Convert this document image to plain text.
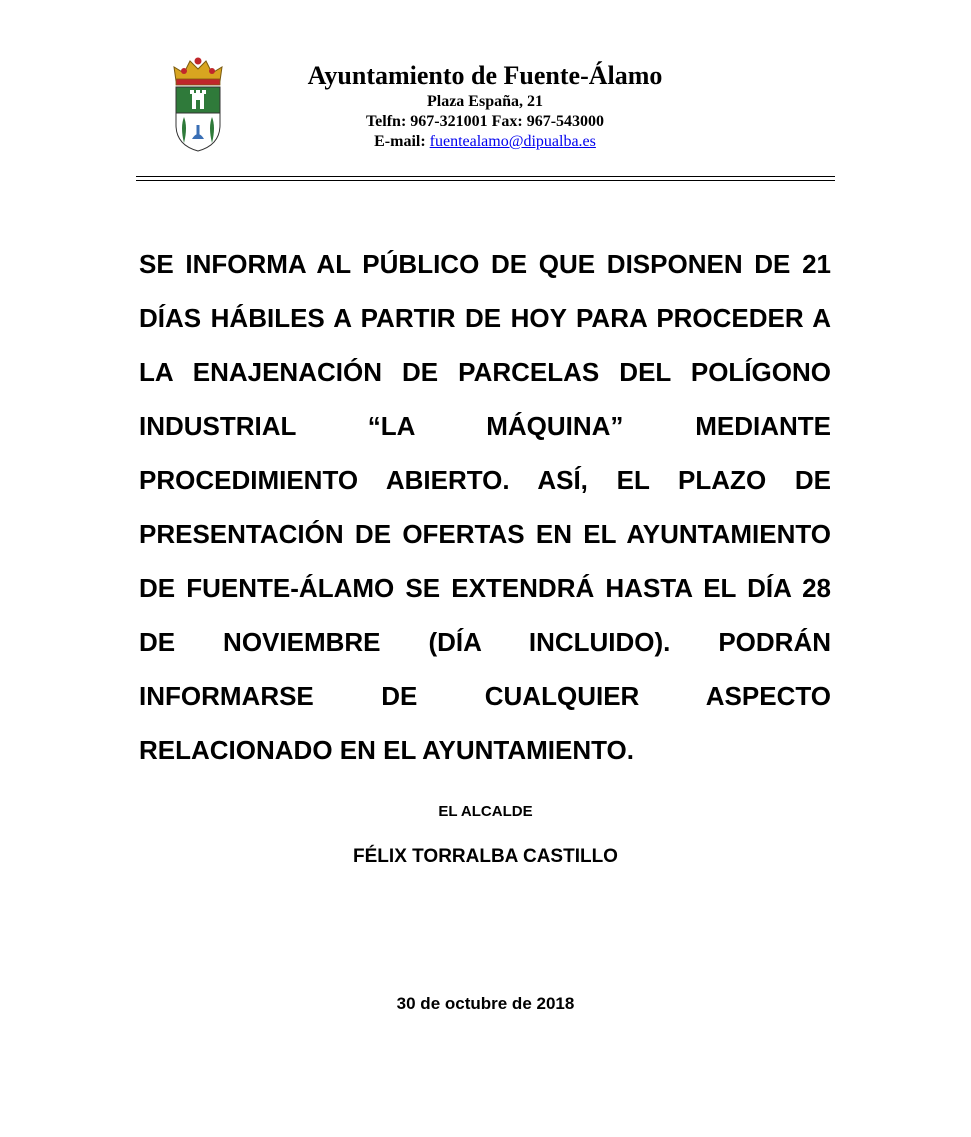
Ayuntamiento de Fuente-Álamo

Plaza España, 21

Telfn: 967-321001 Fax: 967-543000

E-mail: fuentealamo@dipualba.es

SE INFORMA AL PÚBLICO DE QUE DISPONEN DE 21 DÍAS HÁBILES A PARTIR DE HOY PARA PROCEDER A LA ENAJENACIÓN DE PARCELAS DEL POLÍGONO INDUSTRIAL “LA MÁQUINA” MEDIANTE PROCEDIMIENTO ABIERTO. ASÍ, EL PLAZO DE PRESENTACIÓN DE OFERTAS EN EL AYUNTAMIENTO DE FUENTE-ÁLAMO SE EXTENDRÁ HASTA EL DÍA 28 DE NOVIEMBRE (DÍA INCLUIDO). PODRÁN INFORMARSE DE CUALQUIER ASPECTO RELACIONADO EN EL AYUNTAMIENTO.

EL ALCALDE
FÉLIX TORRALBA CASTILLO
30 de octubre de 2018
